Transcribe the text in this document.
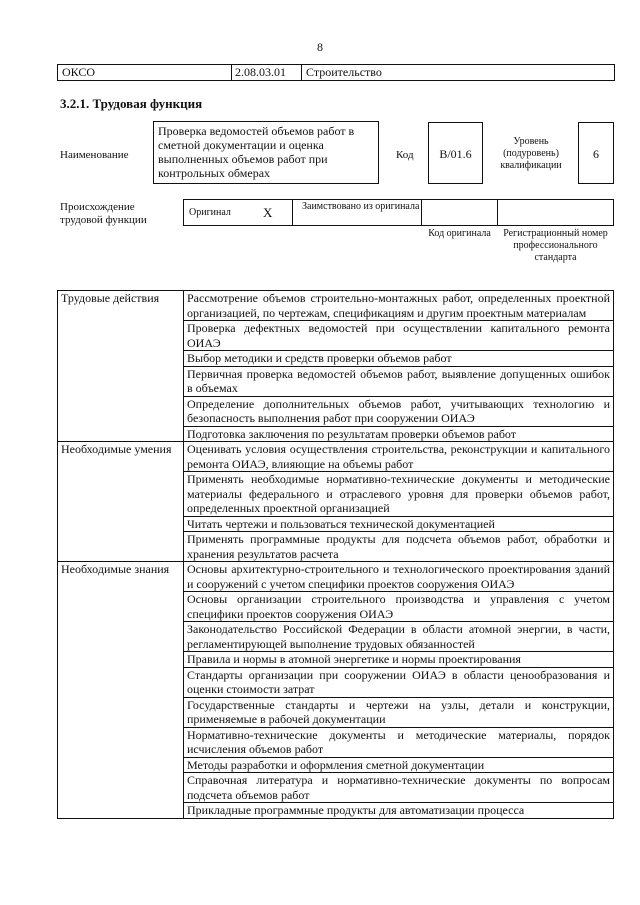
8
ОКСО	2.08.03.01 Строительство
3.2.1. Трудовая функция
Наименование
Проверка ведомостей объемов работ в сметной документации и оценка выполненных объемов работ при контрольных обмерах
Код	B/01.6
Уровень (подуровень) квалификации
6
Происхождение трудовой функции
Оригинал X	Заимствовано из оригинала
Код оригинала	Регистрационный номер профессионального стандарта
Трудовые действия	Рассмотрение объемов строительно-монтажных работ, определенных проектной организацией, по чертежам, спецификациям и другим проектным материалам
	Проверка дефектных ведомостей при осуществлении капитального ремонта ОИАЭ
	Выбор методики и средств проверки объемов работ
	Первичная проверка ведомостей объемов работ, выявление допущенных ошибок в объемах
	Определение дополнительных объемов работ, учитывающих технологию и безопасность выполнения работ при сооружении ОИАЭ
	Подготовка заключения по результатам проверки объемов работ
Необходимые умения	Оценивать условия осуществления строительства, реконструкции и капитального ремонта ОИАЭ, влияющие на объемы работ
	Применять необходимые нормативно-технические документы и методические материалы федерального и отраслевого уровня для проверки объемов работ, определенных проектной организацией
	Читать чертежи и пользоваться технической документацией
	Применять программные продукты для подсчета объемов работ, обработки и хранения результатов расчета
Необходимые знания	Основы архитектурно-строительного и технологического проектирования зданий и сооружений с учетом специфики проектов сооружения ОИАЭ
	Основы организации строительного производства и управления с учетом специфики проектов сооружения ОИАЭ
	Законодательство Российской Федерации в области атомной энергии, в части, регламентирующей выполнение трудовых обязанностей
	Правила и нормы в атомной энергетике и нормы проектирования
	Стандарты организации при сооружении ОИАЭ в области ценообразования и оценки стоимости затрат
	Государственные стандарты и чертежи на узлы, детали и конструкции, применяемые в рабочей документации
	Нормативно-технические документы и методические материалы, порядок исчисления объемов работ
	Методы разработки и оформления сметной документации
	Справочная литература и нормативно-технические документы по вопросам подсчета объемов работ
	Прикладные программные продукты для автоматизации процесса
